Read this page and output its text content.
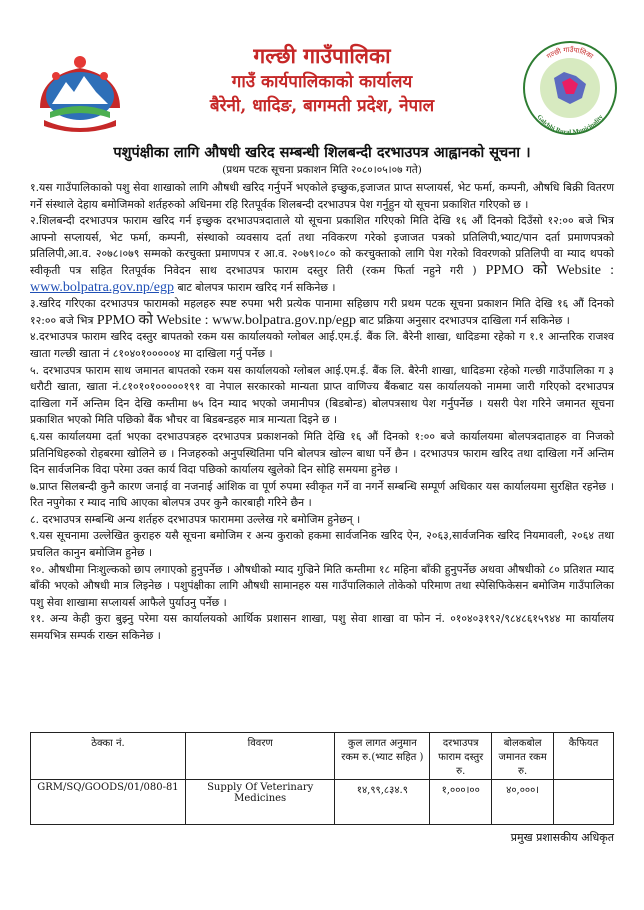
गल्छी गाउँपालिका
गाउँ कार्यपालिकाको कार्यालय
बैरेनी, धादिङ, बागमती प्रदेश, नेपाल
गल्छी गाउँपालिका
Galchhi Rural Municipality
पशुपंक्षीका लागि औषधी खरिद सम्बन्धी शिलबन्दी दरभाउपत्र आह्वानको सूचना ।
(प्रथम पटक सूचना प्रकाशन मिति २०८०।०५।०७ गते)

१.यस गाउँपालिकाको पशु सेवा शाखाको लागि औषधी खरिद गर्नुपर्ने भएकोले इच्छुक,इजाजत प्राप्त सप्लायर्स, भेट फर्मा, कम्पनी, औषधि बिक्री वितरण गर्ने संस्थाले देहाय बमोजिमको शर्तहरुको अधिनमा रहि रितपूर्वक शिलबन्दी दरभाउपत्र पेश गर्नुहुन यो सूचना प्रकाशित गरिएको छ ।

२.शिलबन्दी दरभाउपत्र फाराम खरिद गर्न इच्छुक दरभाउपत्रदाताले यो सूचना प्रकाशित गरिएको मिति देखि १६ औं दिनको दिउँसो १२:०० बजे भित्र आफ्नो सप्लायर्स, भेट फर्मा, कम्पनी, संस्थाको व्यवसाय दर्ता तथा नविकरण गरेको इजाजत पत्रको प्रतिलिपी,भ्याट/पान दर्ता प्रमाणपत्रको प्रतिलिपी,आ.व. २०७८।०७९ सम्मको करचुक्ता प्रमाणपत्र र आ.व. २०७९।०८० को करचुक्ताको लागि पेश गरेको विवरणको प्रतिलिपी वा म्याद थपको स्वीकृती पत्र सहित रितपूर्वक निवेदन साथ दरभाउपत्र फाराम दस्तुर तिरी (रकम फिर्ता नहुने गरी ) PPMO को Website : www.bolpatra.gov.np/egp बाट बोलपत्र फाराम खरिद गर्न सकिनेछ ।

३.खरिद गरिएका दरभाउपत्र फारामको महलहरु स्पष्ट रुपमा भरी प्रत्येक पानामा सहिछाप गरी प्रथम पटक सूचना प्रकाशन मिति देखि १६ औं दिनको १२:०० बजे भित्र PPMO को Website : www.bolpatra.gov.np/egp बाट प्रक्रिया अनुसार दरभाउपत्र दाखिला गर्न सकिनेछ ।

४.दरभाउपत्र फाराम खरिद दस्तुर बापतको रकम यस कार्यालयको ग्लोबल आई.एम.ई. बैंक लि. बैरेनी शाखा, धादिङमा रहेको ग १.१ आन्तरिक राजश्व खाता गल्छी खाता नं ८१०४०१०००००४ मा दाखिला गर्नु पर्नेछ ।

५. दरभाउपत्र फाराम साथ जमानत बापतको रकम यस कार्यालयको ग्लोबल आई.एम.ई. बैंक लि. बैरेनी शाखा, धादिङमा रहेको गल्छी गाउँपालिका ग ३ धरौटी खाता, खाता नं.८१०१०१०००००१९१ वा नेपाल सरकारको मान्यता प्राप्त वाणिज्य बैंकबाट यस कार्यालयको नाममा जारी गरिएको दरभाउपत्र दाखिला गर्ने अन्तिम दिन देखि कम्तीमा ७५ दिन म्याद भएको जमानीपत्र (बिडबोन्ड) बोलपत्रसाथ पेश गर्नुपर्नेछ । यसरी पेश गरिने जमानत सूचना प्रकाशित भएको मिति पछिको बैंक भौचर वा बिडबन्डहरु मात्र मान्यता दिइने छ ।

६.यस कार्यालयमा दर्ता भएका दरभाउपत्रहरु दरभाउपत्र प्रकाशनको मिति देखि १६ औं दिनको १:०० बजे कार्यालयमा बोलपत्रदाताहरु वा निजको प्रतिनिधिहरुको रोहबरमा खोलिने छ । निजहरुको अनुपस्थितिमा पनि बोलपत्र खोल्न बाधा पर्ने छैन । दरभाउपत्र फाराम खरिद तथा दाखिला गर्ने अन्तिम दिन सार्वजनिक विदा परेमा उक्त कार्य विदा पछिको कार्यालय खुलेको दिन सोहि समयमा हुनेछ ।

७.प्राप्त सिलबन्दी कुनै कारण जनाई वा नजनाई आंशिक वा पूर्ण रुपमा स्वीकृत गर्ने वा नगर्ने सम्बन्धि सम्पूर्ण अधिकार यस कार्यालयमा सुरक्षित रहनेछ । रित नपुगेका र म्याद नाघि आएका बोलपत्र उपर कुनै कारबाही गरिने छैन ।

८. दरभाउपत्र सम्बन्धि अन्य शर्तहरु दरभाउपत्र फाराममा उल्लेख गरे बमोजिम हुनेछन् ।

९.यस सूचनामा उल्लेखित कुराहरु यसै सूचना बमोजिम र अन्य कुराको हकमा सार्वजनिक खरिद ऐन, २०६३,सार्वजनिक खरिद नियमावली, २०६४ तथा प्रचलित कानुन बमोजिम हुनेछ ।

१०. औषधीमा निःशुल्कको छाप लगाएको हुनुपर्नेछ । औषधीको म्याद गुज्रिने मिति कम्तीमा १८ महिना बाँकी हुनुपर्नेछ अथवा औषधीको ८० प्रतिशत म्याद बाँकी भएको औषधी मात्र लिइनेछ । पशुपंक्षीका लागि औषधी सामानहरु यस गाउँपालिकाले तोकेको परिमाण तथा स्पेसिफिकेसन बमोजिम गाउँपालिका पशु सेवा शाखामा सप्लायर्स आफैले पुर्याउनु पर्नेछ ।

११. अन्य केही कुरा बुझ्नु परेमा यस कार्यालयको आर्थिक प्रशासन शाखा, पशु सेवा शाखा वा फोन नं. ०१०४०३१९२/९८४८६१५९४४ मा कार्यालय समयभित्र सम्पर्क राख्न सकिनेछ ।

ठेक्का नं.	विवरण	कुल लागत अनुमान रकम रु.(भ्याट सहित )	दरभाउपत्र फाराम दस्तुर रु.	बोलकबोल जमानत रकम रु.	कैफियत
GRM/SQ/GOODS/01/080-81	Supply Of Veterinary Medicines	१४,९९,८३४.९	१,०००।००	४०,०००।	
प्रमुख प्रशासकीय अधिकृत
